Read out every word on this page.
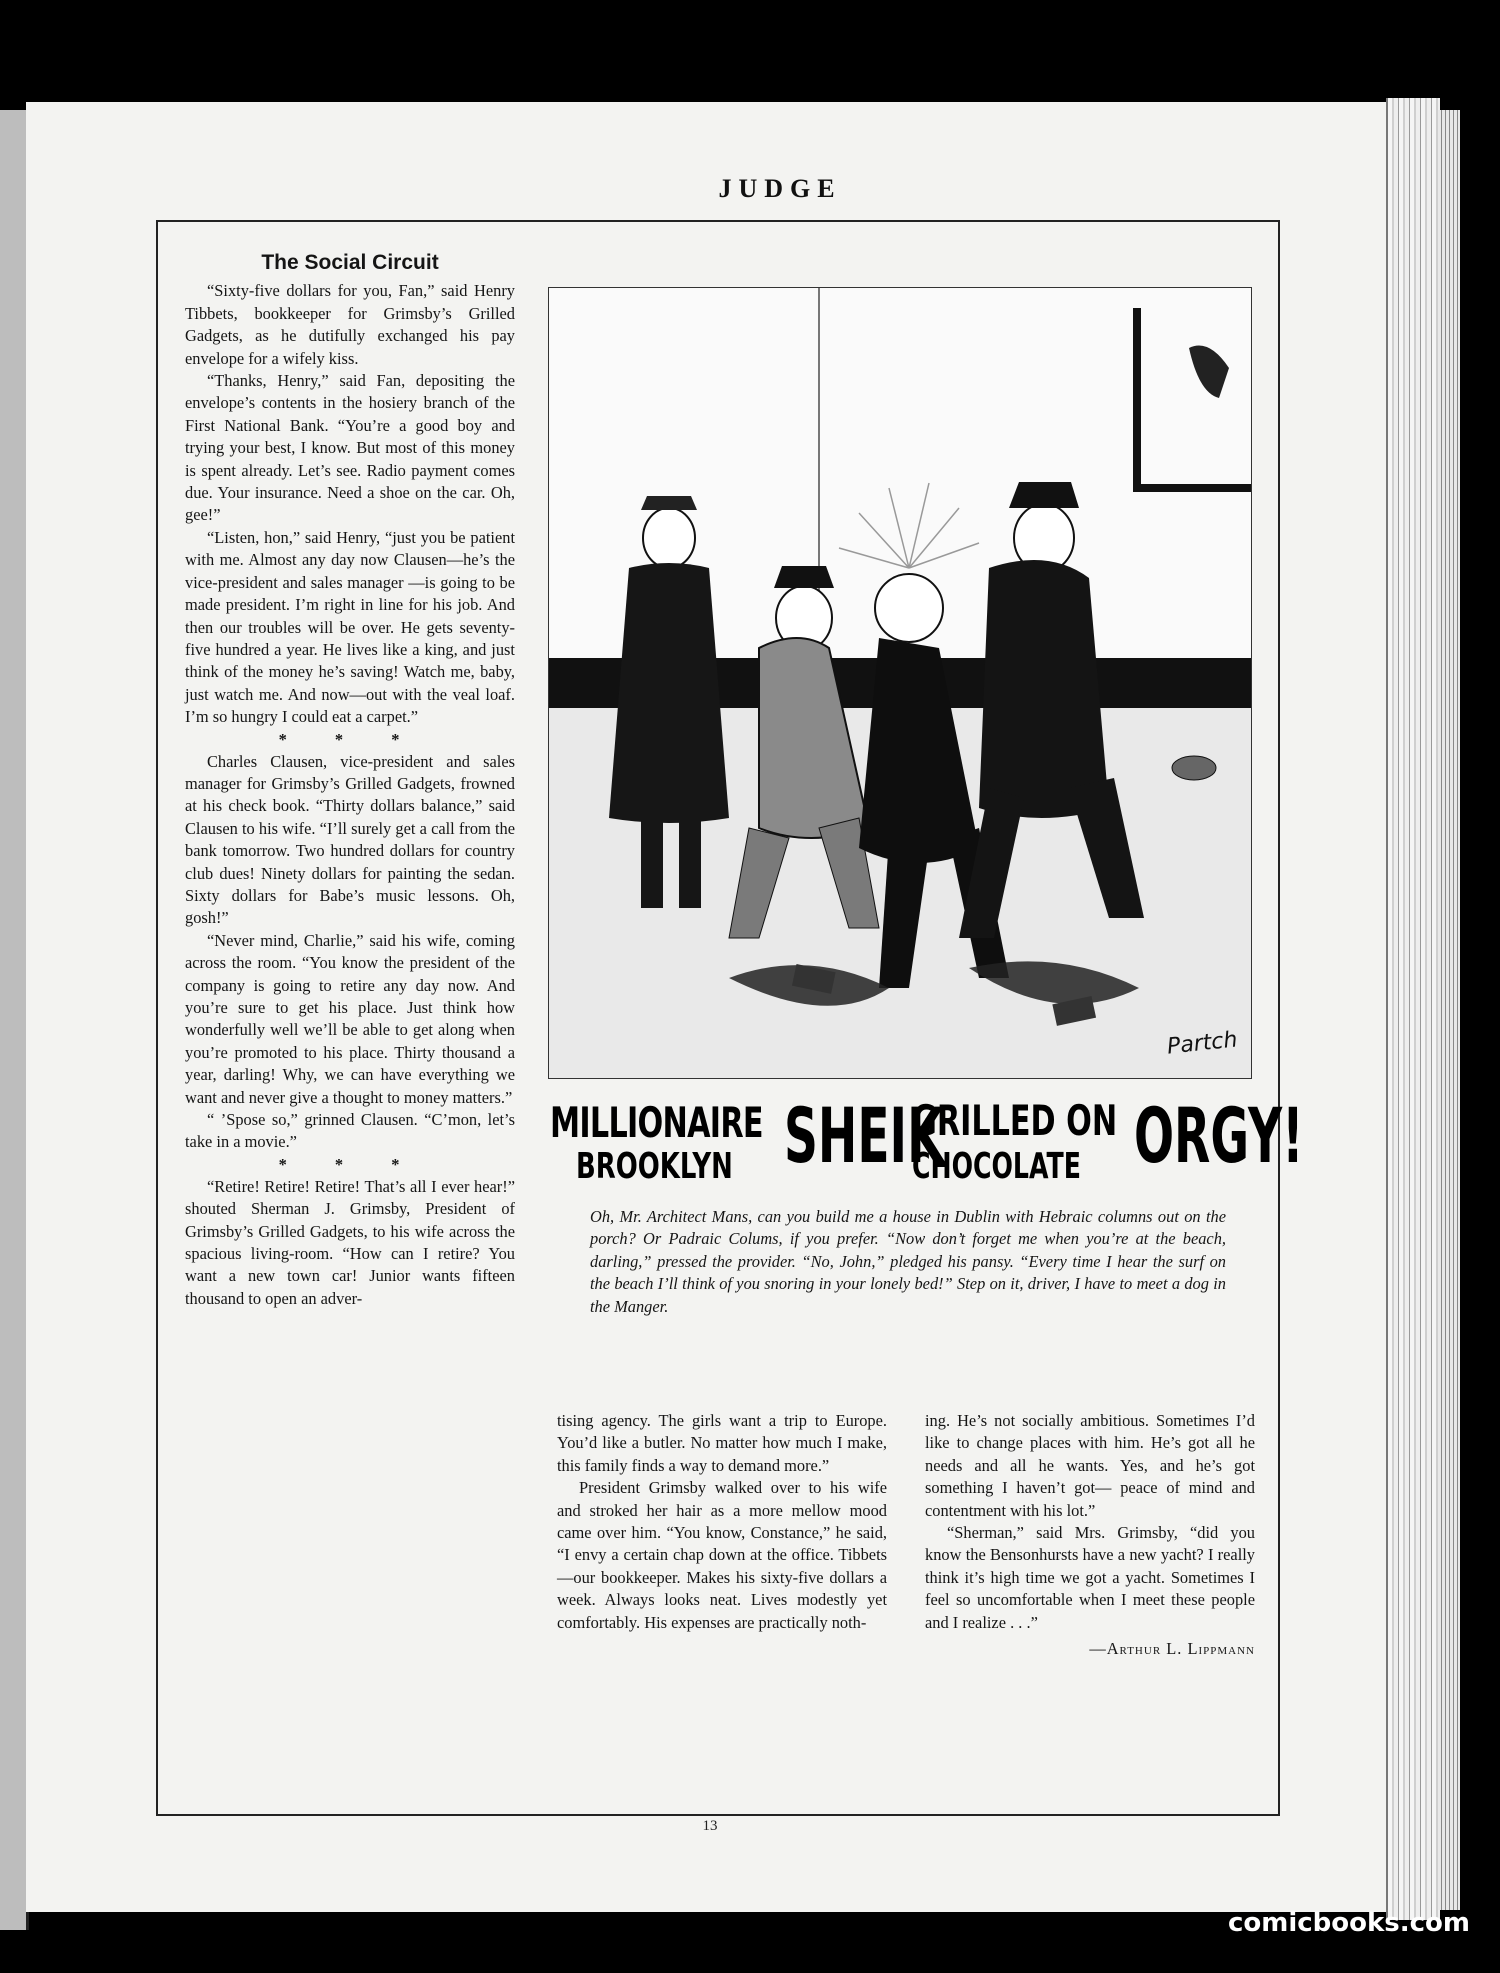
JUDGE
The Social Circuit

“Sixty-five dollars for you, Fan,” said Henry Tibbets, bookkeeper for Grimsby’s Grilled Gadgets, as he dutifully exchanged his pay envelope for a wifely kiss.

“Thanks, Henry,” said Fan, depositing the envelope’s contents in the hosiery branch of the First National Bank. “You’re a good boy and trying your best, I know. But most of this money is spent already. Let’s see. Radio payment comes due. Your insurance. Need a shoe on the car. Oh, gee!”

“Listen, hon,” said Henry, “just you be patient with me. Almost any day now Clausen—he’s the vice-president and sales manager —is going to be made president. I’m right in line for his job. And then our troubles will be over. He gets seventy-five hundred a year. He lives like a king, and just think of the money he’s saving! Watch me, baby, just watch me. And now—out with the veal loaf. I’m so hungry I could eat a carpet.”

* * *

Charles Clausen, vice-president and sales manager for Grimsby’s Grilled Gadgets, frowned at his check book. “Thirty dollars balance,” said Clausen to his wife. “I’ll surely get a call from the bank tomorrow. Two hundred dollars for country club dues! Ninety dollars for painting the sedan. Sixty dollars for Babe’s music lessons. Oh, gosh!”

“Never mind, Charlie,” said his wife, coming across the room. “You know the president of the company is going to retire any day now. And you’re sure to get his place. Just think how wonderfully well we’ll be able to get along when you’re promoted to his place. Thirty thousand a year, darling! Why, we can have everything we want and never give a thought to money matters.”

“ ’Spose so,” grinned Clausen. “C’mon, let’s take in a movie.”

* * *

“Retire! Retire! Retire! That’s all I ever hear!” shouted Sherman J. Grimsby, President of Grimsby’s Grilled Gadgets, to his wife across the spacious living-room. “How can I retire? You want a new town car! Junior wants fifteen thousand to open an adver-

Partch
MILLIONAIRE
BROOKLYN SHEIK
GRILLED ON
CHOCOLATE ORGY!
Oh, Mr. Architect Mans, can you build me a house in Dublin with Hebraic columns out on the porch? Or Padraic Colums, if you prefer. “Now don’t forget me when you’re at the beach, darling,” pressed the provider. “No, John,” pledged his pansy. “Every time I hear the surf on the beach I’ll think of you snoring in your lonely bed!” Step on it, driver, I have to meet a dog in the Manger.

tising agency. The girls want a trip to Europe. You’d like a butler. No matter how much I make, this family finds a way to demand more.”

President Grimsby walked over to his wife and stroked her hair as a more mellow mood came over him. “You know, Constance,” he said, “I envy a certain chap down at the office. Tibbets—our bookkeeper. Makes his sixty-five dollars a week. Always looks neat. Lives modestly yet comfortably. His expenses are practically noth-

ing. He’s not socially ambitious. Sometimes I’d like to change places with him. He’s got all he needs and all he wants. Yes, and he’s got something I haven’t got— peace of mind and contentment with his lot.”

“Sherman,” said Mrs. Grimsby, “did you know the Bensonhursts have a new yacht? I really think it’s high time we got a yacht. Sometimes I feel so uncomfortable when I meet these people and I realize . . .”

—Arthur L. Lippmann
13
comicbooks.com
